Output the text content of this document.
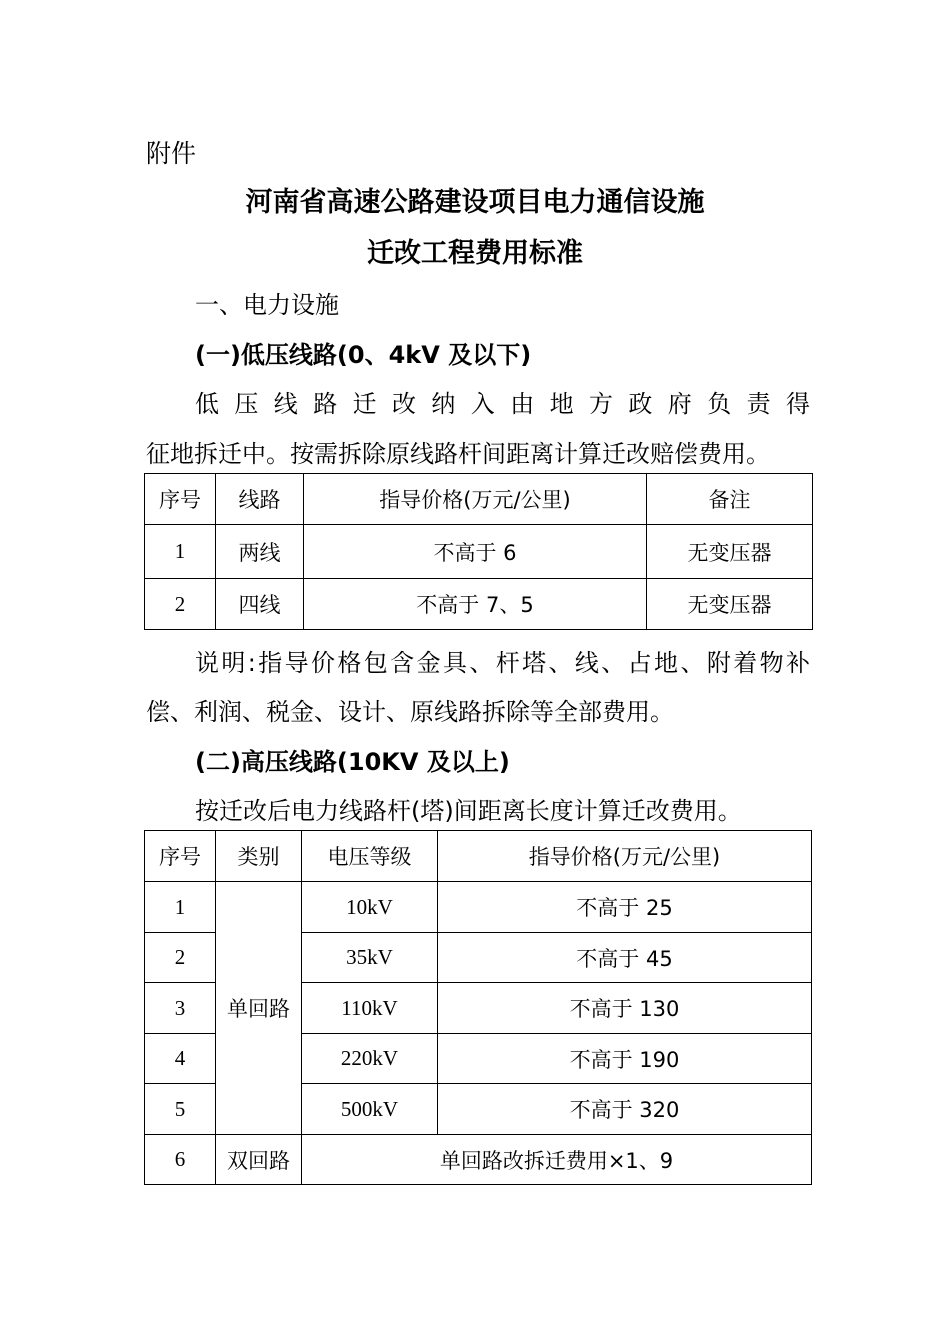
附件
河南省高速公路建设项目电力通信设施
迁改工程费用标准
一、电力设施
(一)低压线路(0、4kV 及以下)
低压线路迁改纳入由地方政府负责得
征地拆迁中。按需拆除原线路杆间距离计算迁改赔偿费用。
序号	线路	指导价格(万元/公里)	备注
1	两线	不高于 6	无变压器
2	四线	不高于 7、5	无变压器
说明:指导价格包含金具、杆塔、线、占地、附着物补
偿、利润、税金、设计、原线路拆除等全部费用。
(二)高压线路(10KV 及以上)
按迁改后电力线路杆(塔)间距离长度计算迁改费用。
序号	类别	电压等级	指导价格(万元/公里)
1	单回路	10kV	不高于 25
2		35kV	不高于 45
3		110kV	不高于 130
4		220kV	不高于 190
5		500kV	不高于 320
6	双回路	单回路改拆迁费用×1、9	
